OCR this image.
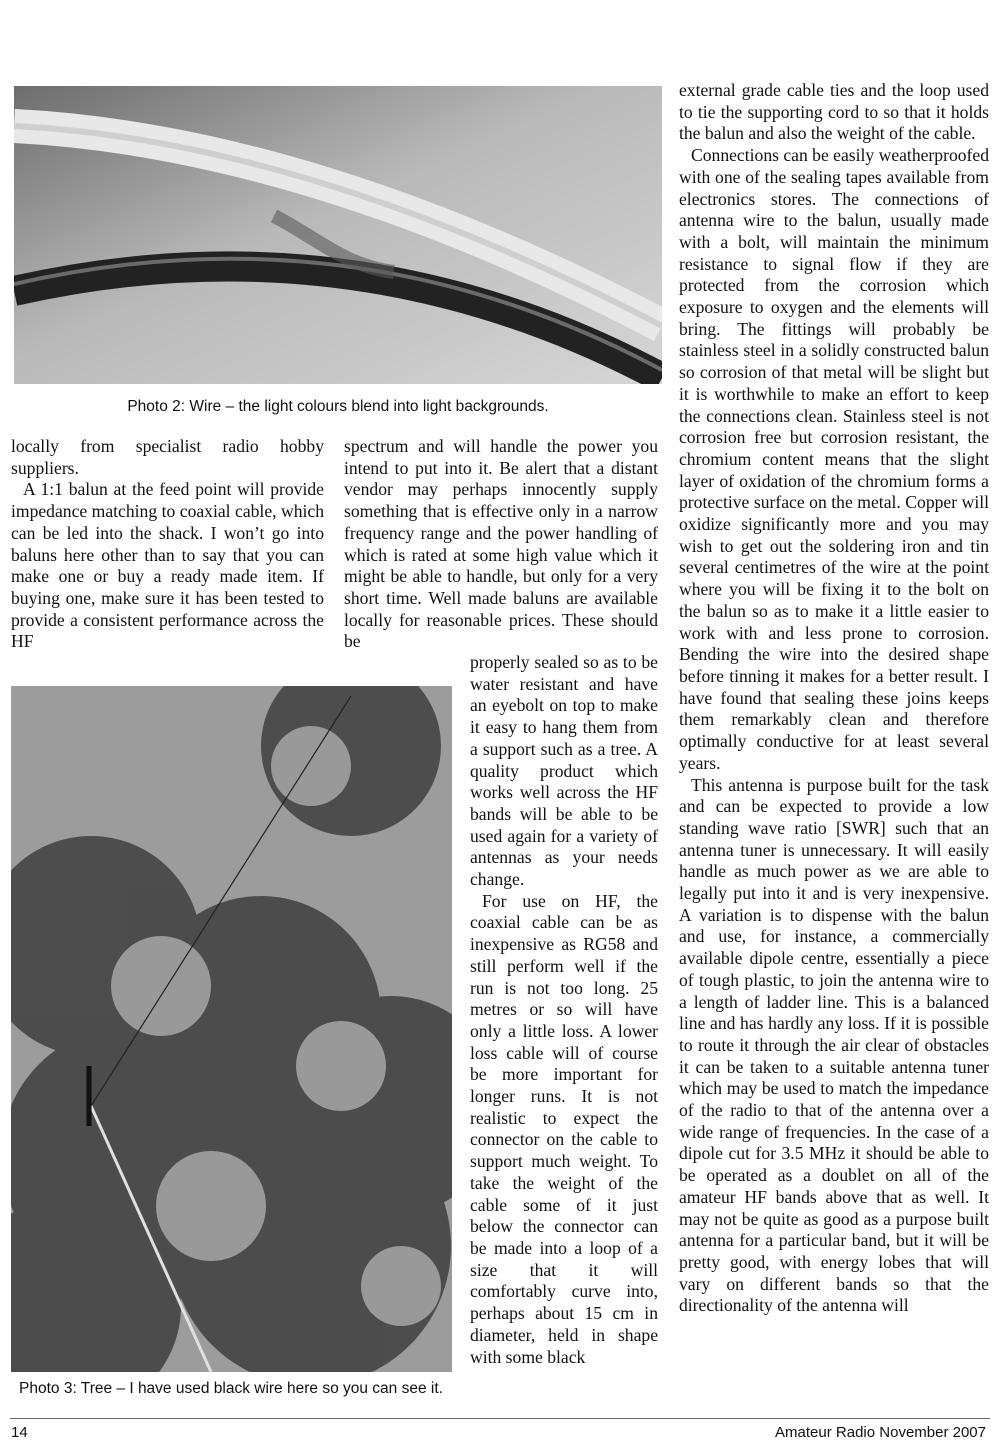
Photo 2: Wire – the light colours blend into light backgrounds.
Photo 3: Tree – I have used black wire here so you can see it.

locally from specialist radio hobby suppliers.

A 1:1 balun at the feed point will provide impedance matching to coaxial cable, which can be led into the shack. I won’t go into baluns here other than to say that you can make one or buy a ready made item. If buying one, make sure it has been tested to provide a consistent performance across the HF

spectrum and will handle the power you intend to put into it. Be alert that a distant vendor may perhaps innocently supply something that is effective only in a narrow frequency range and the power handling of which is rated at some high value which it might be able to handle, but only for a very short time. Well made baluns are available locally for reasonable prices. These should be

properly sealed so as to be water resistant and have an eyebolt on top to make it easy to hang them from a support such as a tree. A quality product which works well across the HF bands will be able to be used again for a variety of antennas as your needs change.

For use on HF, the coaxial cable can be as inexpensive as RG58 and still perform well if the run is not too long. 25 metres or so will have only a little loss. A lower loss cable will of course be more important for longer runs. It is not realistic to expect the connector on the cable to support much weight. To take the weight of the cable some of it just below the connector can be made into a loop of a size that it will comfortably curve into, perhaps about 15 cm in diameter, held in shape with some black

external grade cable ties and the loop used to tie the supporting cord to so that it holds the balun and also the weight of the cable.

Connections can be easily weatherproofed with one of the sealing tapes available from electronics stores. The connections of antenna wire to the balun, usually made with a bolt, will maintain the minimum resistance to signal flow if they are protected from the corrosion which exposure to oxygen and the elements will bring. The fittings will probably be stainless steel in a solidly constructed balun so corrosion of that metal will be slight but it is worthwhile to make an effort to keep the connections clean. Stainless steel is not corrosion free but corrosion resistant, the chromium content means that the slight layer of oxidation of the chromium forms a protective surface on the metal. Copper will oxidize significantly more and you may wish to get out the soldering iron and tin several centimetres of the wire at the point where you will be fixing it to the bolt on the balun so as to make it a little easier to work with and less prone to corrosion. Bending the wire into the desired shape before tinning it makes for a better result. I have found that sealing these joins keeps them remarkably clean and therefore optimally conductive for at least several years.

This antenna is purpose built for the task and can be expected to provide a low standing wave ratio [SWR] such that an antenna tuner is unnecessary. It will easily handle as much power as we are able to legally put into it and is very inexpensive. A variation is to dispense with the balun and use, for instance, a commercially available dipole centre, essentially a piece of tough plastic, to join the antenna wire to a length of ladder line. This is a balanced line and has hardly any loss. If it is possible to route it through the air clear of obstacles it can be taken to a suitable antenna tuner which may be used to match the impedance of the radio to that of the antenna over a wide range of frequencies. In the case of a dipole cut for 3.5 MHz it should be able to be operated as a doublet on all of the amateur HF bands above that as well. It may not be quite as good as a purpose built antenna for a particular band, but it will be pretty good, with energy lobes that will vary on different bands so that the directionality of the antenna will

14	Amateur Radio November 2007
